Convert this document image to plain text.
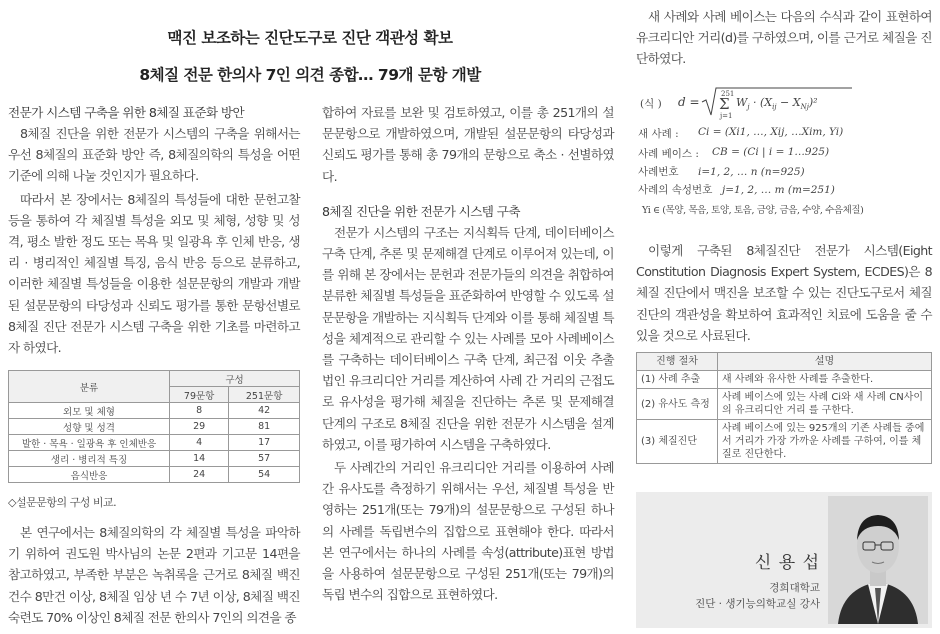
맥진 보조하는 진단도구로 진단 객관성 확보
8체질 전문 한의사 7인 의견 종합… 79개 문항 개발

전문가 시스템 구축을 위한 8체질 표준화 방안

8체질 진단을 위한 전문가 시스템의 구축을 위해서는 우선 8체질의 표준화 방안 즉, 8체질의학의 특성을 어떤 기준에 의해 나눌 것인지가 필요하다.

따라서 본 장에서는 8체질의 특성들에 대한 문헌고찰 등을 통하여 각 체질별 특성을 외모 및 체형, 성향 및 성격, 평소 발한 정도 또는 목욕 및 일광욕 후 인체 반응, 생리 · 병리적인 체질별 특징, 음식 반응 등으로 분류하고, 이러한 체질별 특성들을 이용한 설문문항의 개발과 개발된 설문문항의 타당성과 신뢰도 평가를 통한 문항선별로 8체질 진단 전문가 시스템 구축을 위한 기초를 마련하고자 하였다.

분류	구성	
	79문항	251문항
외모 및 체형	8	42
성향 및 성격	29	81
발한 · 목욕 · 일광욕 후 인체반응	4	17
생리 · 병리적 특징	14	57
음식반응	24	54
◇설문문항의 구성 비교.

본 연구에서는 8체질의학의 각 체질별 특성을 파악하기 위하여 권도원 박사님의 논문 2편과 기고문 14편을 참고하였고, 부족한 부분은 녹취록을 근거로 8체질 백진 건수 8만건 이상, 8체질 임상 년 수 7년 이상, 8체질 백진 숙련도 70% 이상인 8체질 전문 한의사 7인의 의견을 종

합하여 자료를 보완 및 검토하였고, 이를 총 251개의 설문문항으로 개발하였으며, 개발된 설문문항의 타당성과 신뢰도 평가를 통해 총 79개의 문항으로 축소 · 선별하였다.

8체질 진단을 위한 전문가 시스템 구축

전문가 시스템의 구조는 지식획득 단계, 데이터베이스 구축 단계, 추론 및 문제해결 단계로 이루어져 있는데, 이를 위해 본 장에서는 문헌과 전문가들의 의견을 취합하여 분류한 체질별 특성들을 표준화하여 반영할 수 있도록 설문문항을 개발하는 지식획득 단계와 이를 통해 체질별 특성을 체계적으로 관리할 수 있는 사례를 모아 사례베이스를 구축하는 데이터베이스 구축 단계, 최근접 이웃 추출법인 유크리디안 거리를 계산하여 사례 간 거리의 근접도로 유사성을 평가해 체질을 진단하는 추론 및 문제해결 단계의 구조로 8체질 진단을 위한 전문가 시스템을 설계하였고, 이를 평가하여 시스템을 구축하였다.

두 사례간의 거리인 유크리디안 거리를 이용하여 사례 간 유사도를 측정하기 위해서는 우선, 체질별 특성을 반영하는 251개(또는 79개)의 설문문항으로 구성된 하나의 사례를 독립변수의 집합으로 표현해야 한다. 따라서 본 연구에서는 하나의 사례를 속성(attribute)표현 방법을 사용하여 설문문항으로 구성된 251개(또는 79개)의 독립 변수의 집합으로 표현하였다.

새 사례와 사례 베이스는 다음의 수식과 같이 표현하여 유크리디안 거리(d)를 구하였으며, 이를 근거로 체질을 진단하였다.

(식 ) d =
251
Σ
j=1
$W_j \cdot (X_{ij} - X_{Nj})^2$
새 사례 : Ci = (Xi1, …, Xij, …Xim, Yi)
사례 베이스 : CB = (Ci | i = 1…925)
사례번호 i=1, 2, … n (n=925)
사례의 속성번호 j=1, 2, … m (m=251)
Yi ∈ (목양, 목음, 토양, 토음, 금양, 금음, 수양, 수음체질)

이렇게 구축된 8체질진단 전문가 시스템(Eight Constitution Diagnosis Expert System, ECDES)은 8체질 진단에서 맥진을 보조할 수 있는 진단도구로서 체질진단의 객관성을 확보하여 효과적인 치료에 도움을 줄 수 있을 것으로 사료된다.

진행 절차	설명
(1) 사례 추출	새 사례와 유사한 사례를 추출한다.
(2) 유사도 측정	사례 베이스에 있는 사례 Ci와 새 사례 CN사이의 유크리디안 거리 를 구한다.
(3) 체질진단	사례 베이스에 있는 925개의 기존 사례들 중에서 거리가 가장 가까운 사례를 구하여, 이를 체질로 진단한다.
신 용 섭
경희대학교
진단 · 생기능의학교실 강사
